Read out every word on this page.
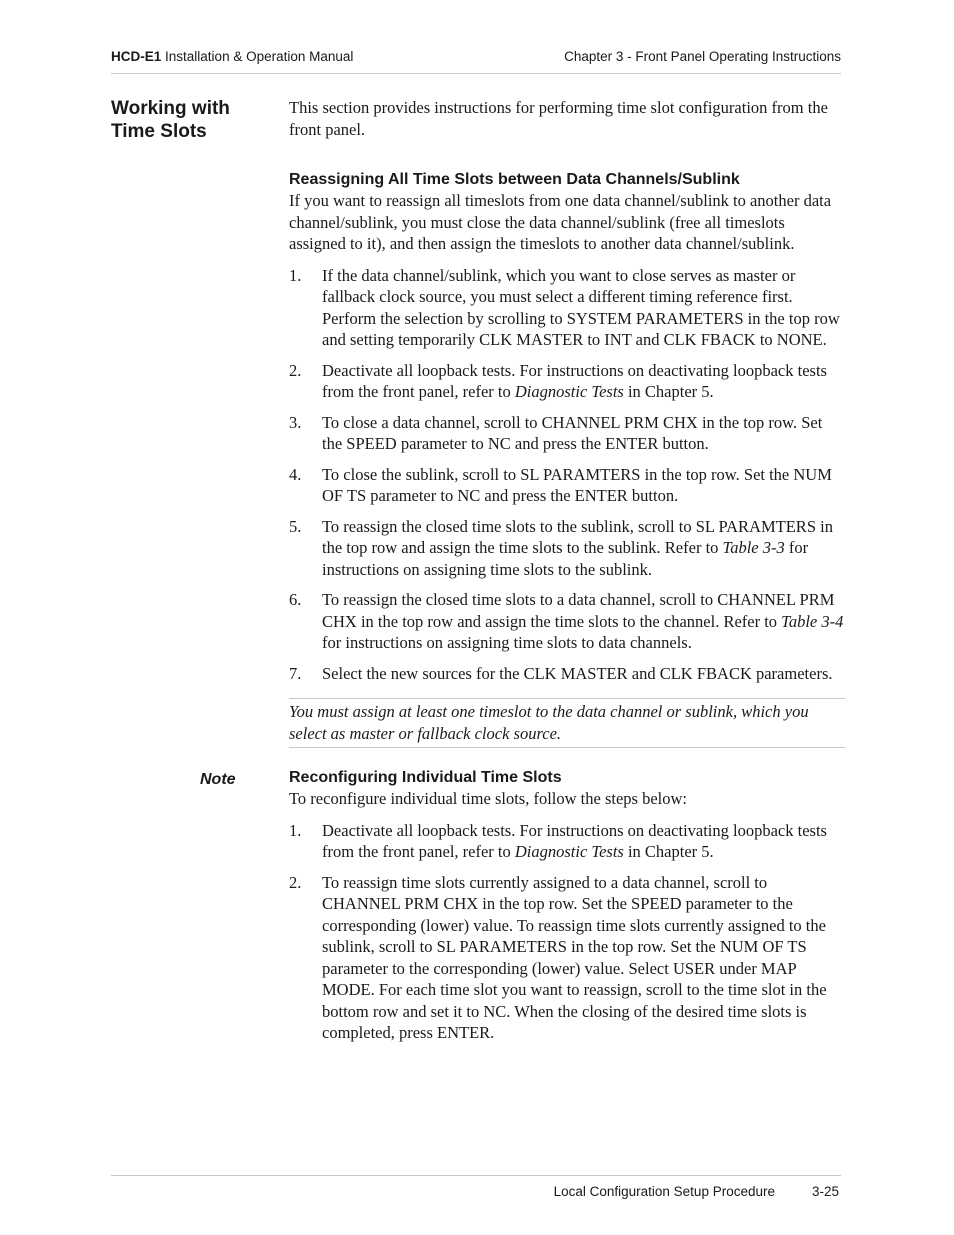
HCD-E1 Installation & Operation Manual	Chapter 3 - Front Panel Operating Instructions
Working with Time Slots
Note

This section provides instructions for performing time slot configuration from the front panel.

Reassigning All Time Slots between Data Channels/Sublink

If you want to reassign all timeslots from one data channel/sublink to another data channel/sublink, you must close the data channel/sublink (free all timeslots assigned to it), and then assign the timeslots to another data channel/sublink.

1. If the data channel/sublink, which you want to close serves as master or fallback clock source, you must select a different timing reference first. Perform the selection by scrolling to SYSTEM PARAMETERS in the top row and setting temporarily CLK MASTER to INT and CLK FBACK to NONE.
2. Deactivate all loopback tests. For instructions on deactivating loopback tests from the front panel, refer to Diagnostic Tests in Chapter 5.
3. To close a data channel, scroll to CHANNEL PRM CHX in the top row. Set the SPEED parameter to NC and press the ENTER button.
4. To close the sublink, scroll to SL PARAMTERS in the top row. Set the NUM OF TS parameter to NC and press the ENTER button.
5. To reassign the closed time slots to the sublink, scroll to SL PARAMTERS in the top row and assign the time slots to the sublink. Refer to Table 3-3 for instructions on assigning time slots to the sublink.
6. To reassign the closed time slots to a data channel, scroll to CHANNEL PRM CHX in the top row and assign the time slots to the channel. Refer to Table 3-4 for instructions on assigning time slots to data channels.
7. Select the new sources for the CLK MASTER and CLK FBACK parameters.
You must assign at least one timeslot to the data channel or sublink, which you select as master or fallback clock source.

Reconfiguring Individual Time Slots

To reconfigure individual time slots, follow the steps below:

1. Deactivate all loopback tests. For instructions on deactivating loopback tests from the front panel, refer to Diagnostic Tests in Chapter 5.
2. To reassign time slots currently assigned to a data channel, scroll to CHANNEL PRM CHX in the top row. Set the SPEED parameter to the corresponding (lower) value. To reassign time slots currently assigned to the sublink, scroll to SL PARAMETERS in the top row. Set the NUM OF TS parameter to the corresponding (lower) value. Select USER under MAP MODE. For each time slot you want to reassign, scroll to the time slot in the bottom row and set it to NC. When the closing of the desired time slots is completed, press ENTER.
Local Configuration Setup Procedure	3-25
